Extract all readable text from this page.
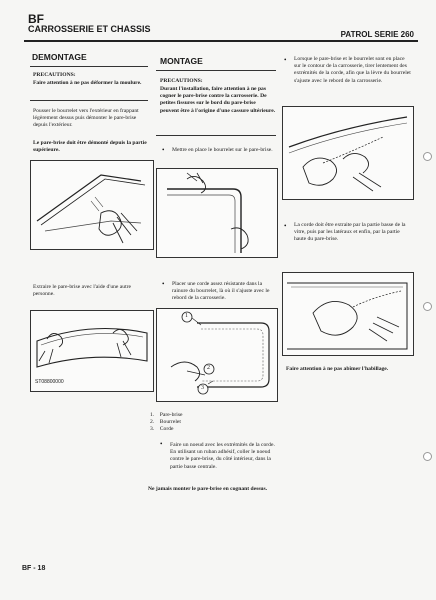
BF
CARROSSERIE ET CHASSIS
PATROL SERIE 260
DEMONTAGE
PRECAUTIONS:
Faire attention à ne pas déformer la moulure.
Pousser le bourrelet vers l'extérieur en frappant légèrement dessus puis démonter le pare-brise depuis l'extérieur.
Le pare-brise doit être démonté depuis la partie supérieure.
Extraire le pare-brise avec l'aide d'une autre personne.
ST08800000
MONTAGE
PRECAUTIONS:
Durant l'installation, faire attention à ne pas cogner le pare-brise contre la carrosserie. De petites fissures sur le bord du pare-brise peuvent être à l'origine d'une cassure ultérieure.
• Mettre en place le bourrelet sur le pare-brise.
• Placer une corde assez résistante dans la rainure du bourrelet, là où il s'ajuste avec le rebord de la carrosserie.
1
2
3
1. Pare-brise
2. Bourrelet
3. Corde
• Faire un noeud avec les extrémités de la corde. En utilisant un ruban adhésif, coller le noeud contre le pare-brise, du côté intérieur, dans la partie basse centrale.
Ne jamais monter le pare-brise en cognant dessus.
• Lorsque le pare-brise et le bourrelet sont en place sur le contour de la carrosserie, tirer lentement des extrémités de la corde, afin que la lèvre du bourrelet s'ajuste avec le rebord de la carrosserie.
• La corde doit être extraite par la partie basse de la vitre, puis par les latéraux et enfin, par la partie haute du pare-brise.
Faire attention à ne pas abîmer l'habillage.
BF - 18
